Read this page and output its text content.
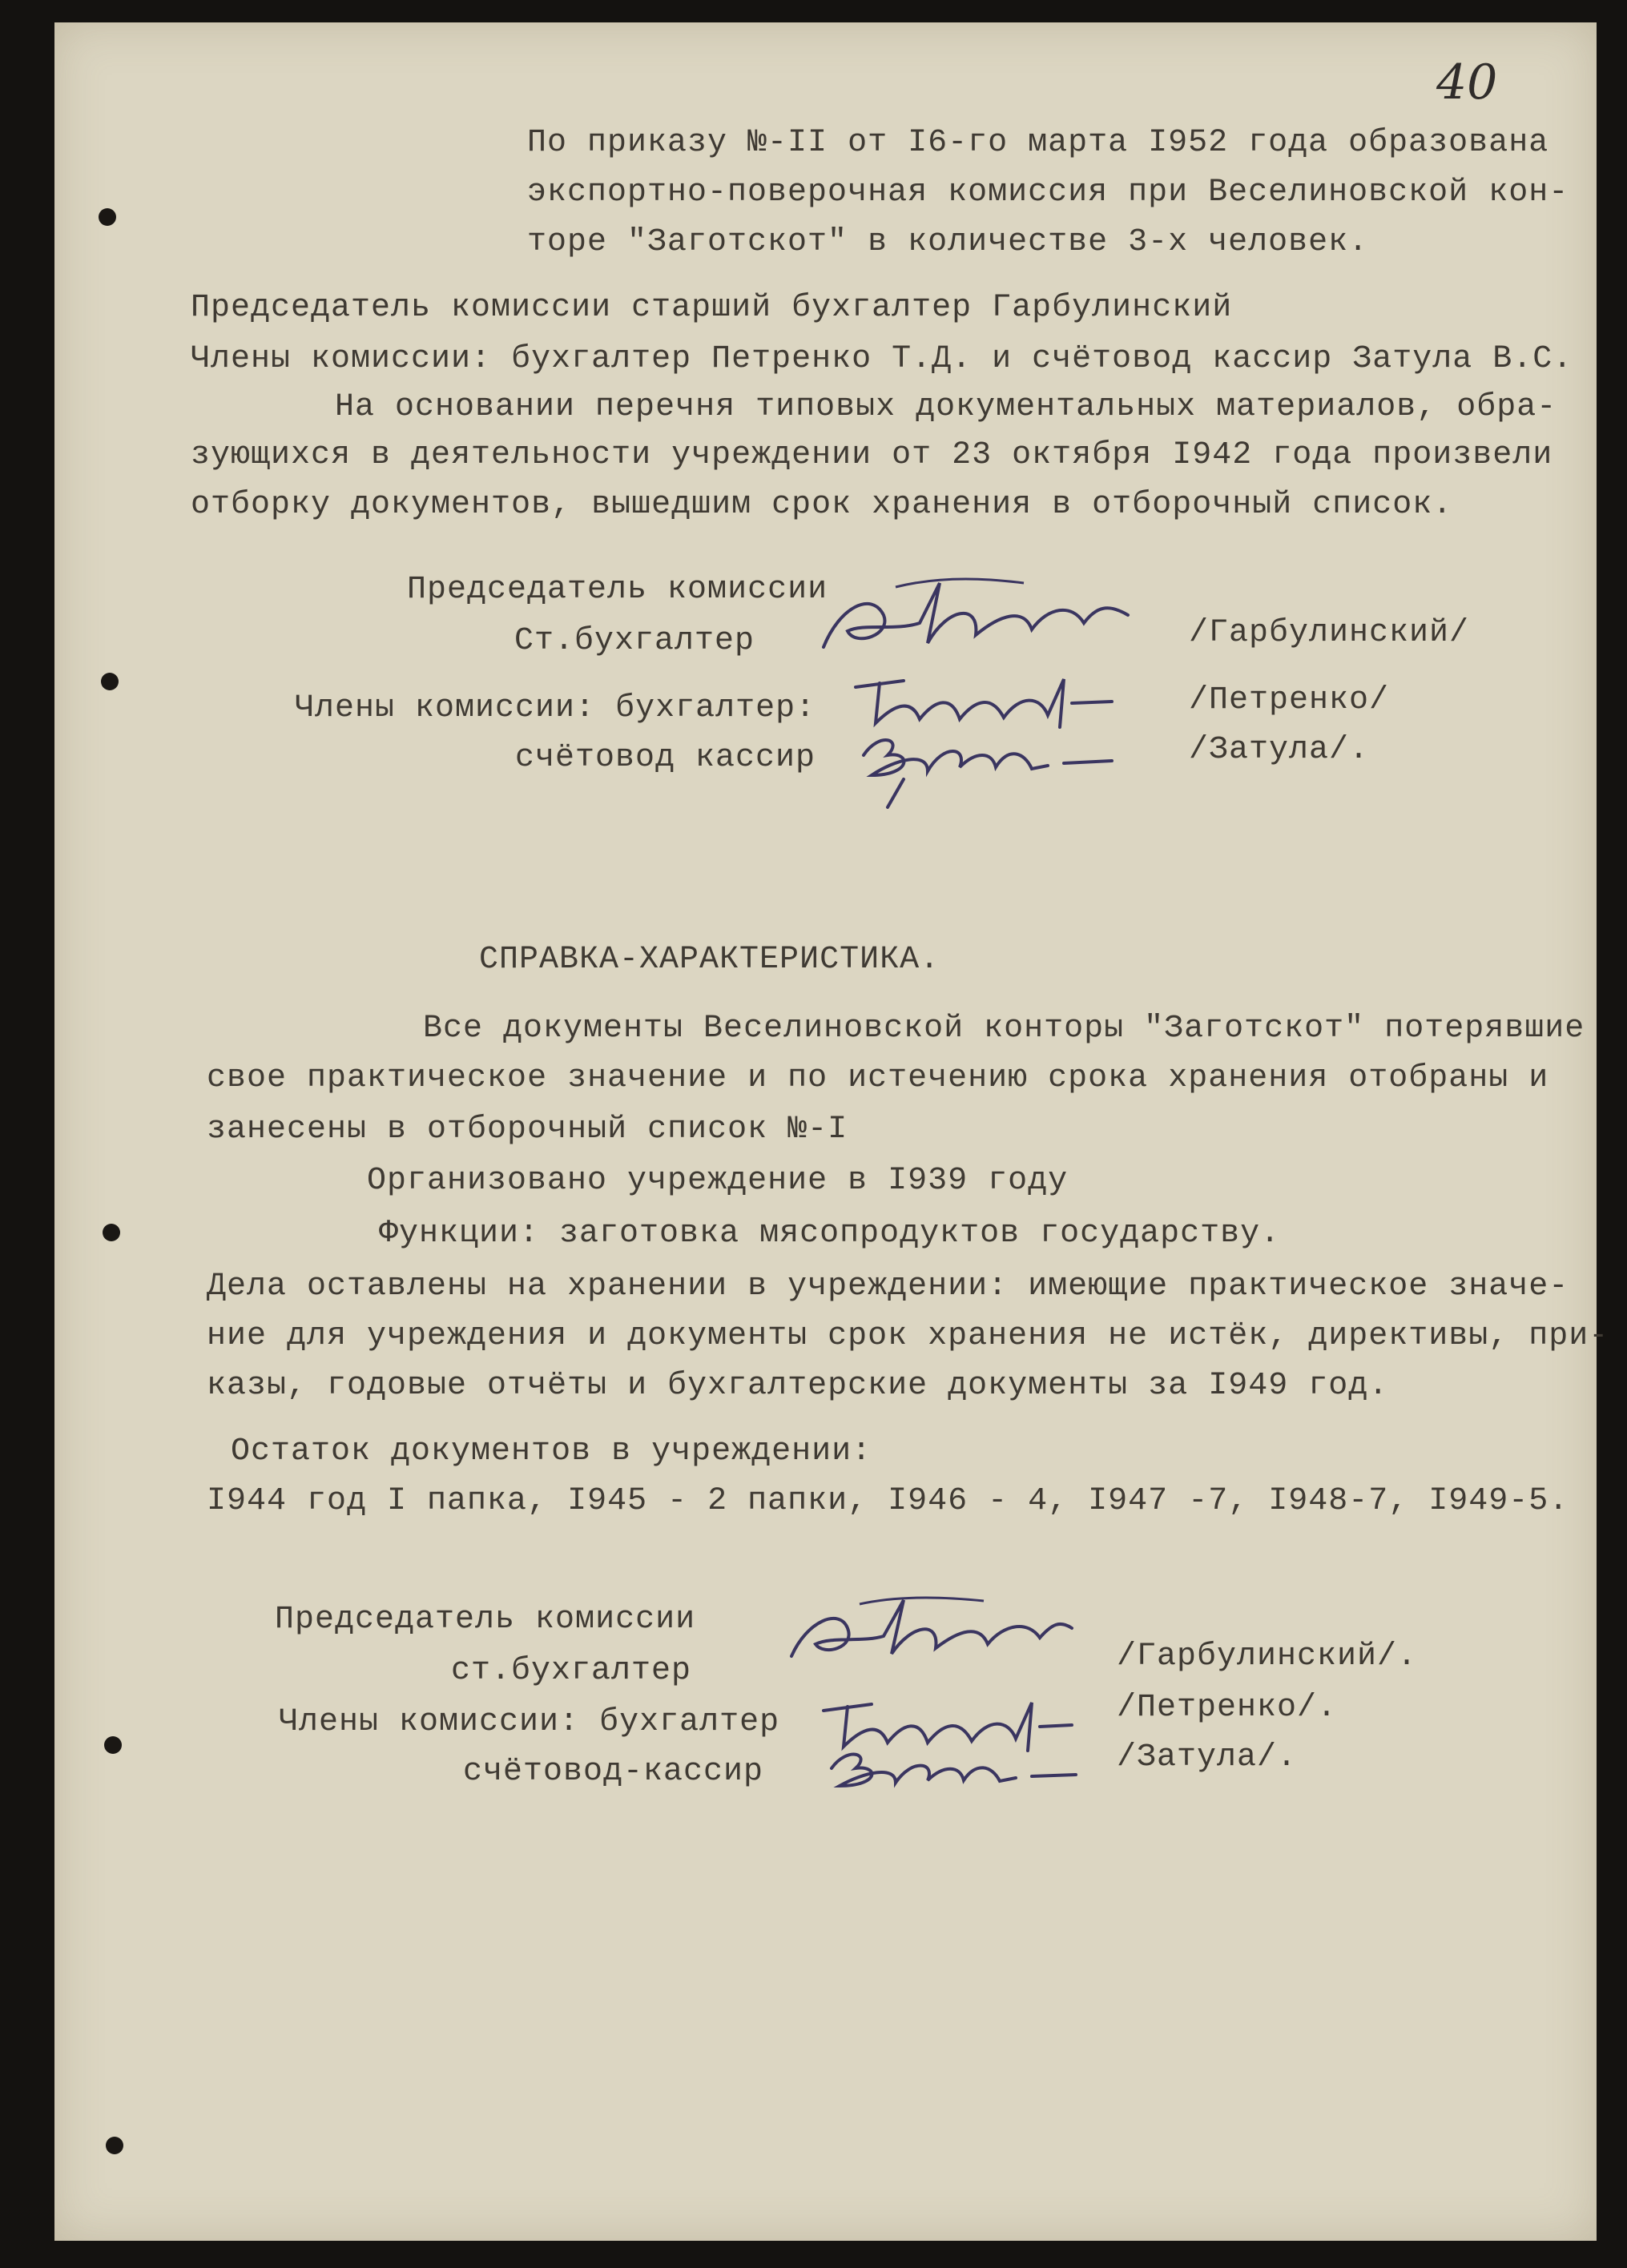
40
По приказу №-II от I6-го марта I952 года образована
экспортно-поверочная комиссия при Веселиновской кон-
торе "Заготскот" в количестве 3-х человек.
Председатель комиссии старший бухгалтер Гарбулинский
Члены комиссии: бухгалтер Петренко Т.Д. и счётовод кассир Затула В.С.
На основании перечня типовых документальных материалов, обра-
зующихся в деятельности учреждении от 23 октября I942 года произвели
отборку документов, вышедшим срок хранения в отборочный список.
Председатель комиссии
Ст.бухгалтер	/Гарбулинский/
Члены комиссии: бухгалтер:	/Петренко/
счётовод кассир	/Затула/.
СПРАВКА-ХАРАКТЕРИСТИКА.
Все документы Веселиновской конторы "Заготскот" потерявшие
свое практическое значение и по истечению срока хранения отобраны и
занесены в отборочный список №-I
Организовано учреждение в I939 году
Функции: заготовка мясопродуктов государству.
Дела оставлены на хранении в учреждении: имеющие практическое значе-
ние для учреждения и документы срок хранения не истёк, директивы, при-
казы, годовые отчёты и бухгалтерские документы за I949 год.
Остаток документов в учреждении:
I944 год I папка, I945 - 2 папки, I946 - 4, I947 -7, I948-7, I949-5.
Председатель комиссии
ст.бухгалтер	/Гарбулинский/.
Члены комиссии: бухгалтер	/Петренко/.
счётовод-кассир	/Затула/.
